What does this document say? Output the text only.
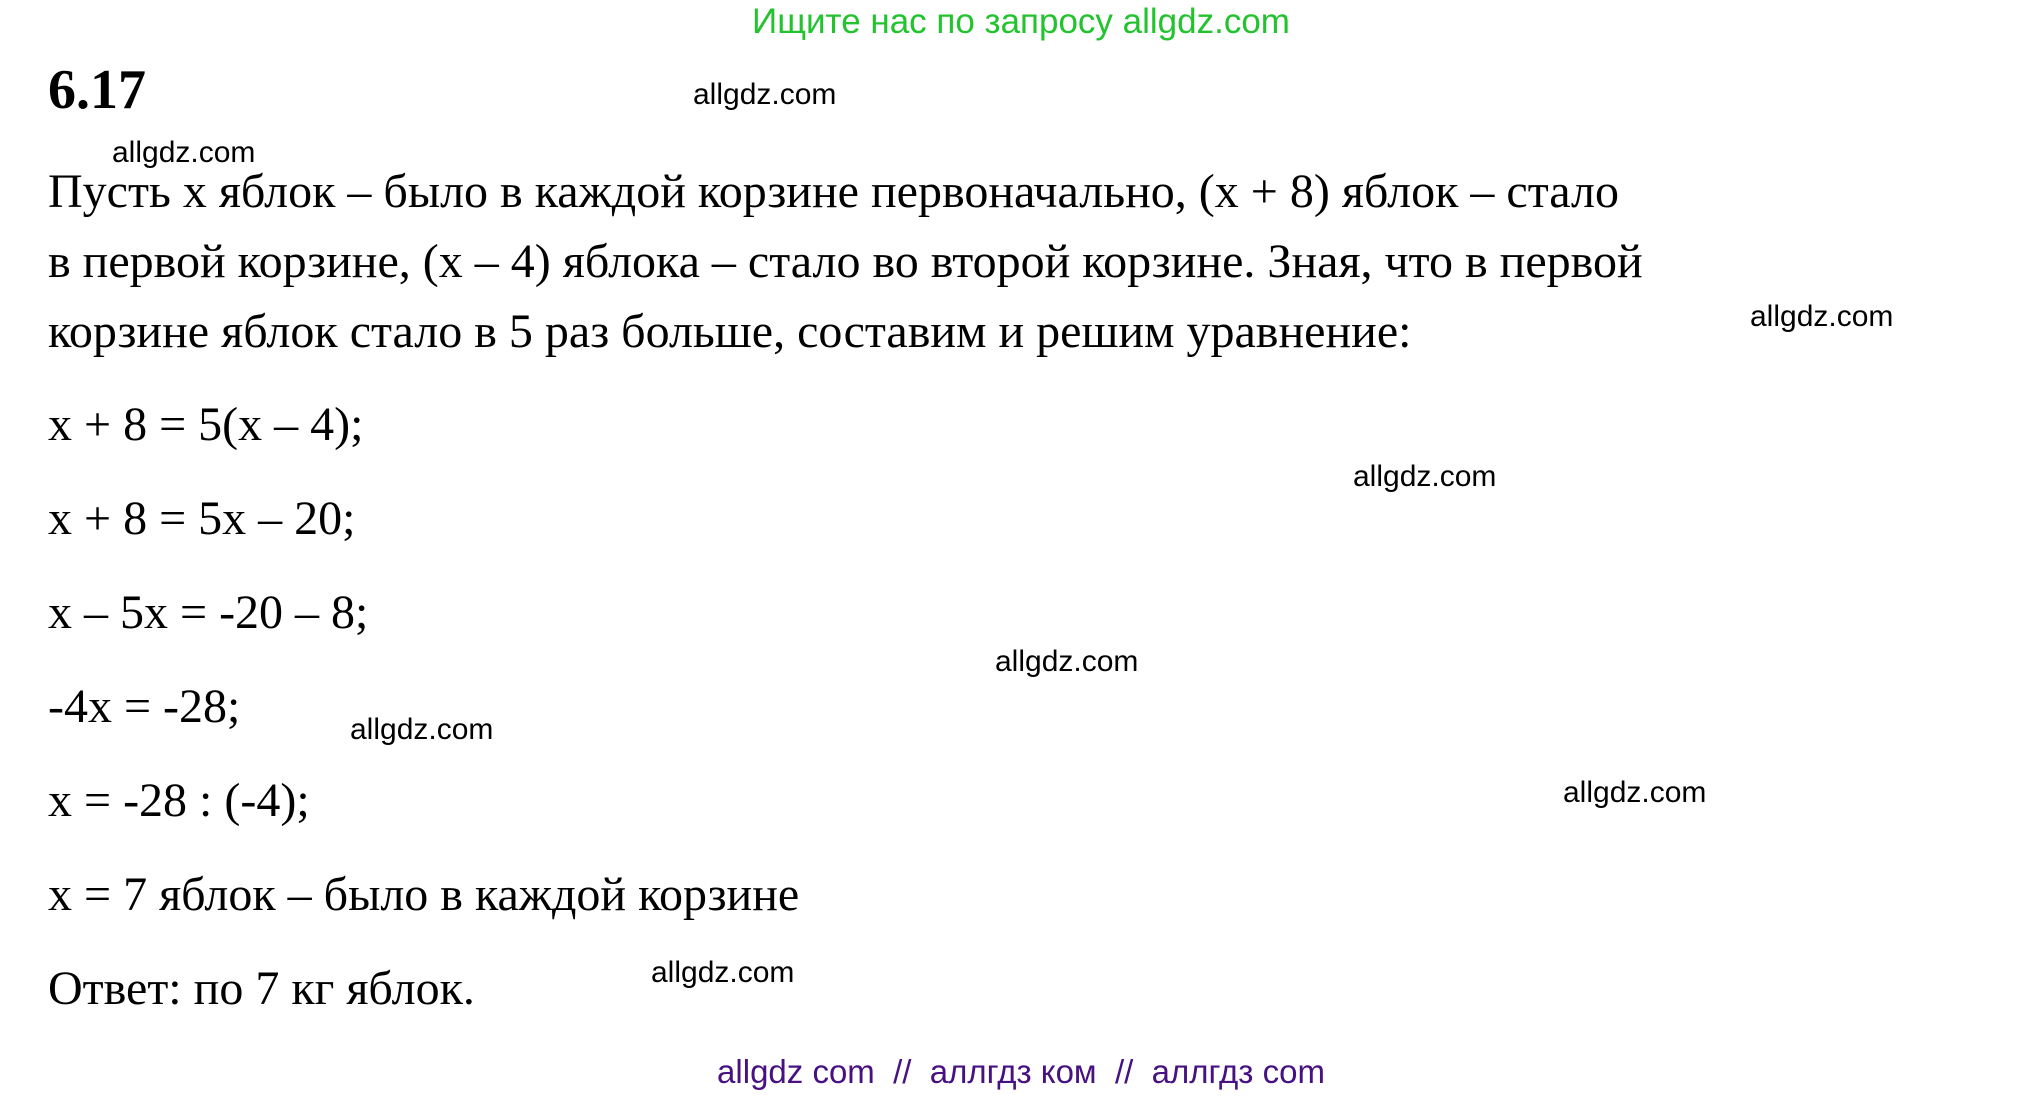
Ищите нас по запросу allgdz.com
6.17	allgdz.com
allgdz.com
allgdz.com
allgdz.com
allgdz.com
allgdz.com
allgdz.com
allgdz.com
Пусть х яблок – было в каждой корзине первоначально, (х + 8) яблок – стало
в первой корзине, (х – 4) яблока – стало во второй корзине. Зная, что в первой
корзине яблок стало в 5 раз больше, составим и решим уравнение:
х + 8 = 5(х – 4);
х + 8 = 5х – 20;
х – 5х = -20 – 8;
-4х = -28;
х = -28 : (-4);
х = 7 яблок – было в каждой корзине
Ответ: по 7 кг яблок.
allgdz com  //  аллгдз ком  //  аллгдз com
